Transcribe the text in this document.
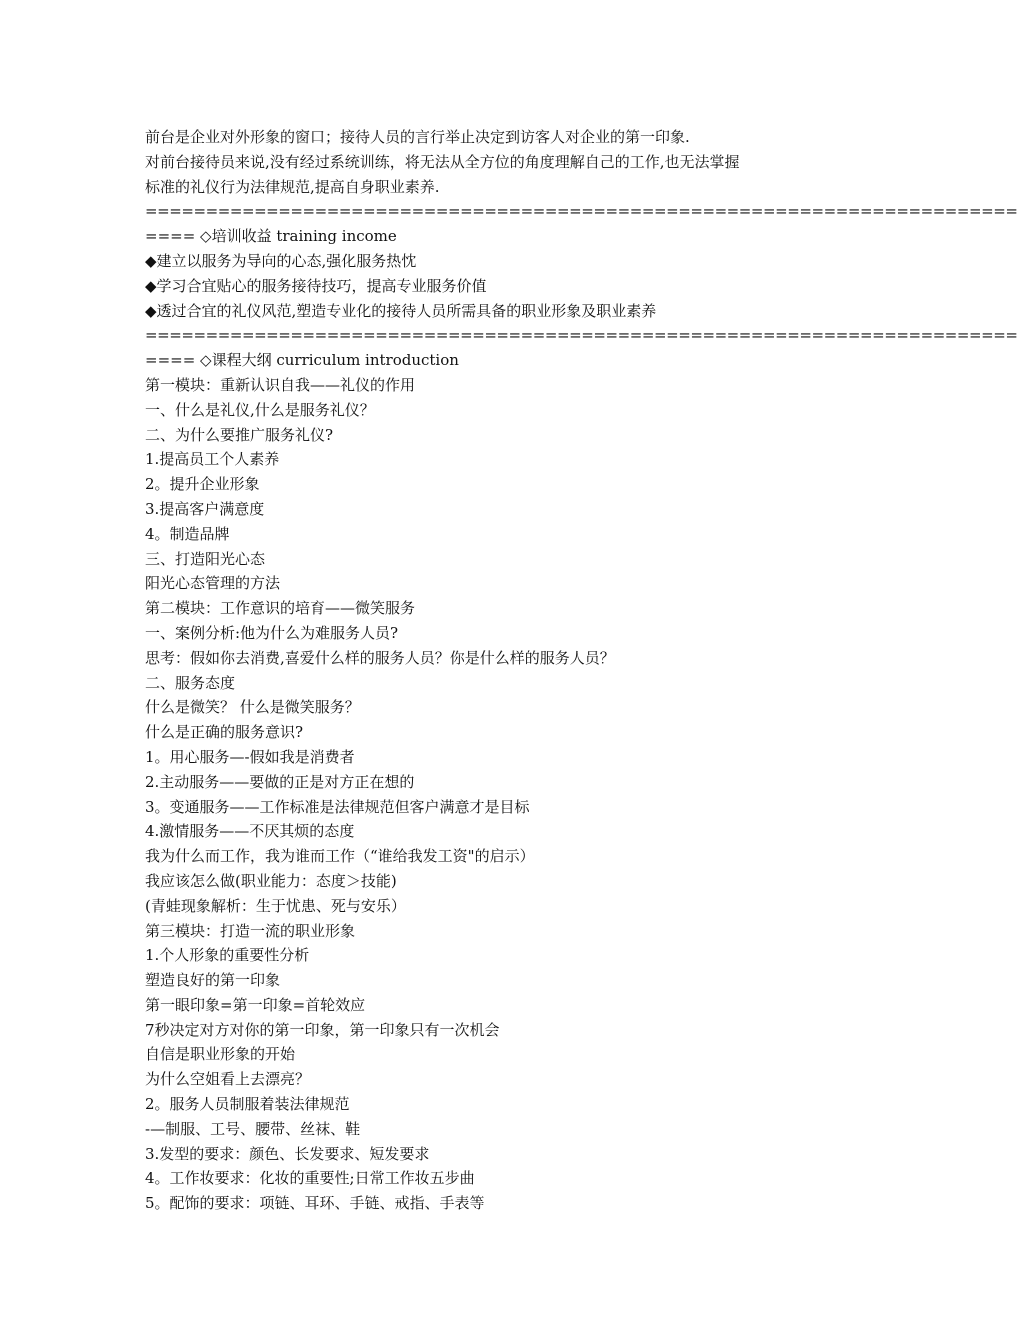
前台是企业对外形象的窗口；接待人员的言行举止决定到访客人对企业的第一印象.
对前台接待员来说,没有经过系统训练，将无法从全方位的角度理解自己的工作,也无法掌握
标准的礼仪行为法律规范,提高自身职业素养.
========================================================================
==== ◇培训收益 training income
◆建立以服务为导向的心态,强化服务热忱
◆学习合宜贴心的服务接待技巧，提高专业服务价值
◆透过合宜的礼仪风范,塑造专业化的接待人员所需具备的职业形象及职业素养
========================================================================
==== ◇课程大纲 curriculum introduction
第一模块：重新认识自我——礼仪的作用
一、什么是礼仪,什么是服务礼仪？
二、为什么要推广服务礼仪?
1.提高员工个人素养
2。提升企业形象
3.提高客户满意度
4。制造品牌
三、打造阳光心态
阳光心态管理的方法
第二模块：工作意识的培育——微笑服务
一、案例分析:他为什么为难服务人员?
思考：假如你去消费,喜爱什么样的服务人员？你是什么样的服务人员？
二、服务态度
什么是微笑？ 什么是微笑服务？
什么是正确的服务意识?
1。用心服务—-假如我是消费者
2.主动服务——要做的正是对方正在想的
3。变通服务——工作标准是法律规范但客户满意才是目标
4.激情服务——不厌其烦的态度
我为什么而工作，我为谁而工作（“谁给我发工资"的启示）
我应该怎么做(职业能力：态度＞技能)
(青蛙现象解析：生于忧患、死与安乐）
第三模块：打造一流的职业形象
1.个人形象的重要性分析
塑造良好的第一印象
第一眼印象=第一印象=首轮效应
7秒决定对方对你的第一印象，第一印象只有一次机会
自信是职业形象的开始
为什么空姐看上去漂亮？
2。服务人员制服着装法律规范
-—制服、工号、腰带、丝袜、鞋
3.发型的要求：颜色、长发要求、短发要求
4。工作妆要求：化妆的重要性;日常工作妆五步曲
5。配饰的要求：项链、耳环、手链、戒指、手表等
